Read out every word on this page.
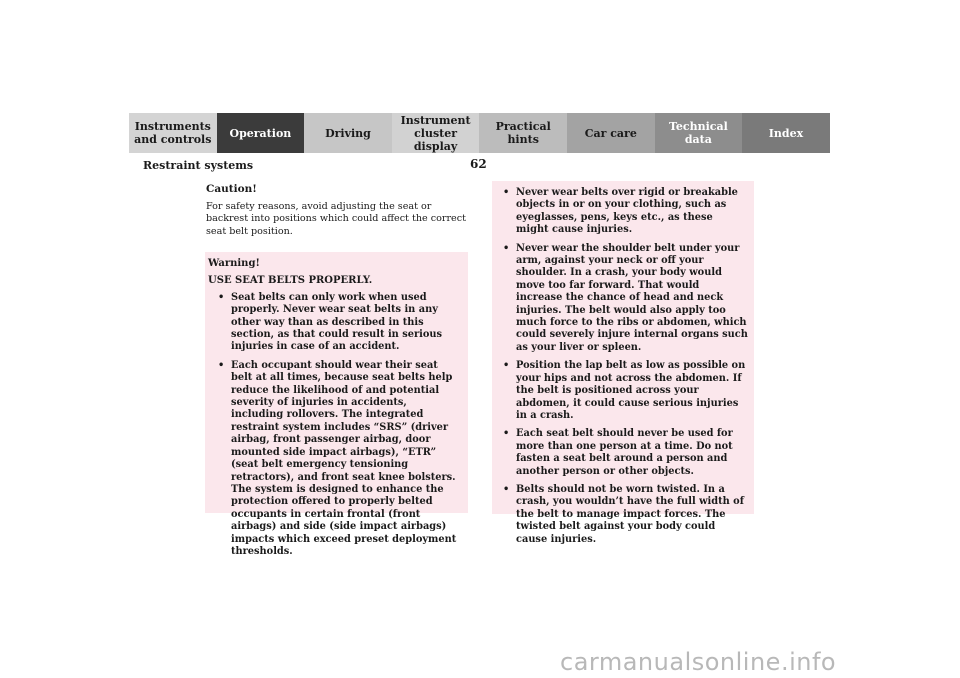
Instruments
and controls	Operation	Driving
Instrument
cluster display
Practical hints	Car care	Technical
data	Index
62
Restraint systems

Caution!

For safety reasons, avoid adjusting the seat or backrest into positions which could affect the correct seat belt position.

Warning!

USE SEAT BELTS PROPERLY.

• Seat belts can only work when used properly. Never wear seat belts in any other way than as described in this section, as that could result in serious injuries in case of an accident.
• Each occupant should wear their seat belt at all times, because seat belts help reduce the likelihood of and potential severity of injuries in accidents, including rollovers. The integrated restraint system includes “SRS” (driver airbag, front passenger airbag, door mounted side impact airbags), “ETR” (seat belt emergency tensioning retractors), and front seat knee bolsters. The system is designed to enhance the protection offered to properly belted occupants in certain frontal (front airbags) and side (side impact airbags) impacts which exceed preset deployment thresholds.
• Never wear belts over rigid or breakable objects in or on your clothing, such as eyeglasses, pens, keys etc., as these might cause injuries.
• Never wear the shoulder belt under your arm, against your neck or off your shoulder. In a crash, your body would move too far forward. That would increase the chance of head and neck injuries. The belt would also apply too much force to the ribs or abdomen, which could severely injure internal organs such as your liver or spleen.
• Position the lap belt as low as possible on your hips and not across the abdomen. If the belt is positioned across your abdomen, it could cause serious injuries in a crash.
• Each seat belt should never be used for more than one person at a time. Do not fasten a seat belt around a person and another person or other objects.
• Belts should not be worn twisted. In a crash, you wouldn’t have the full width of the belt to manage impact forces. The twisted belt against your body could cause injuries.
carmanualsonline.info
